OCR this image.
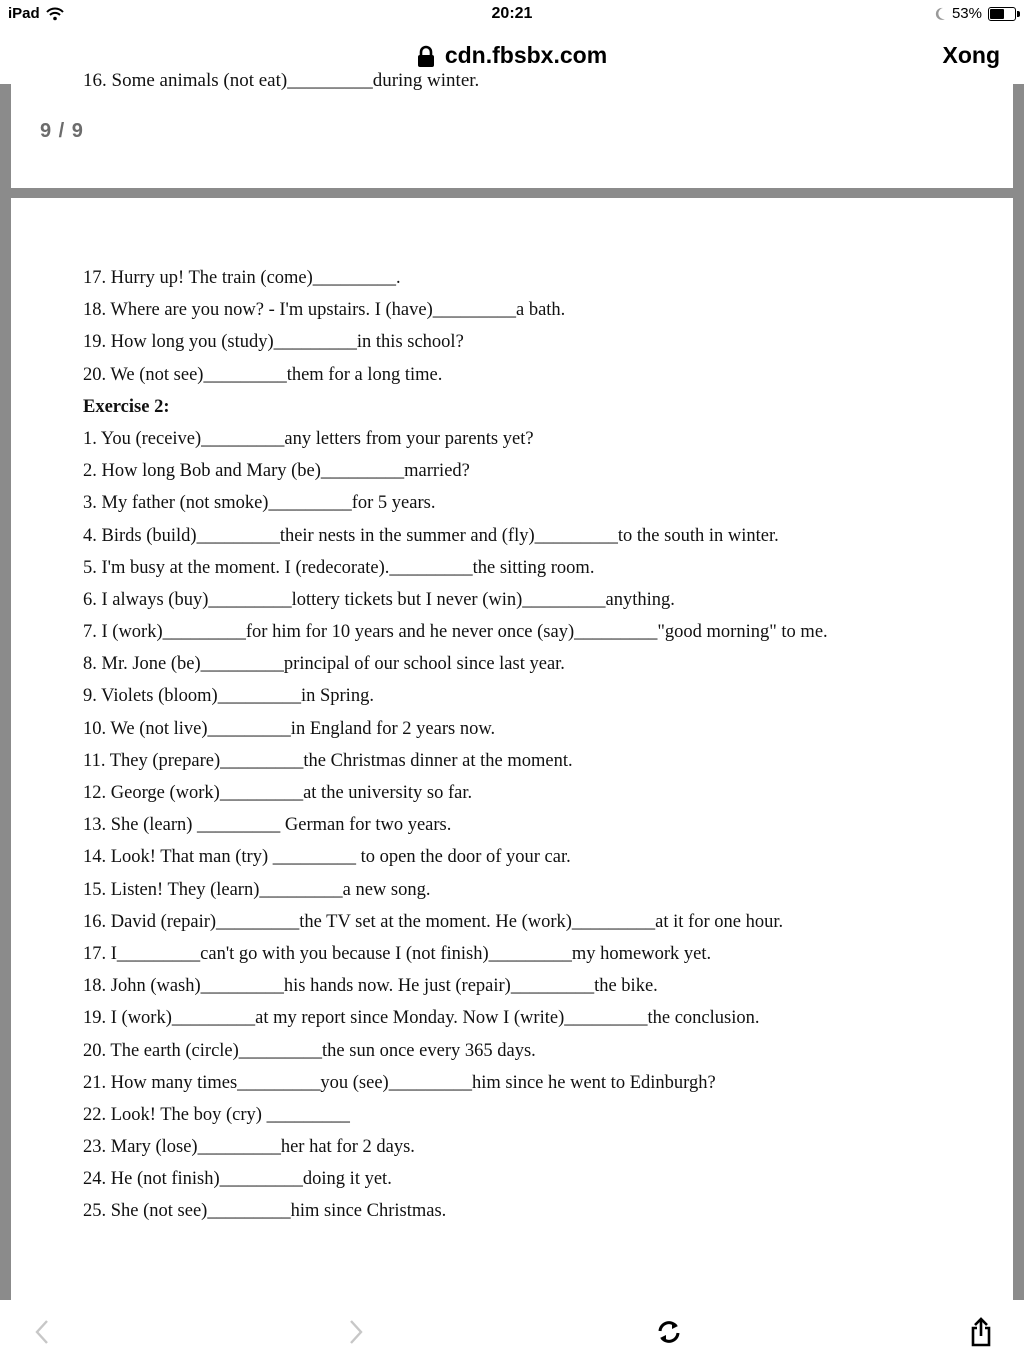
iPad	20:21	53%
cdn.fbsbx.com	Xong
16. Some animals (not eat)_________during winter.
9 / 9
17. Hurry up! The train (come)_________.
18. Where are you now? - I'm upstairs. I (have)_________a bath.
19. How long you (study)_________in this school?
20. We (not see)_________them for a long time.
Exercise 2:
1. You (receive)_________any letters from your parents yet?
2. How long Bob and Mary (be)_________married?
3. My father (not smoke)_________for 5 years.
4. Birds (build)_________their nests in the summer and (fly)_________to the south in winter.
5. I'm busy at the moment. I (redecorate)._________the sitting room.
6. I always (buy)_________lottery tickets but I never (win)_________anything.
7. I (work)_________for him for 10 years and he never once (say)_________"good morning" to me.
8. Mr. Jone (be)_________principal of our school since last year.
9. Violets (bloom)_________in Spring.
10. We (not live)_________in England for 2 years now.
11. They (prepare)_________the Christmas dinner at the moment.
12. George (work)_________at the university so far.
13. She (learn) _________ German for two years.
14. Look! That man (try) _________ to open the door of your car.
15. Listen! They (learn)_________a new song.
16. David (repair)_________the TV set at the moment. He (work)_________at it for one hour.
17. I_________can't go with you because I (not finish)_________my homework yet.
18. John (wash)_________his hands now. He just (repair)_________the bike.
19. I (work)_________at my report since Monday. Now I (write)_________the conclusion.
20. The earth (circle)_________the sun once every 365 days.
21. How many times_________you (see)_________him since he went to Edinburgh?
22. Look! The boy (cry) _________
23. Mary (lose)_________her hat for 2 days.
24. He (not finish)_________doing it yet.
25. She (not see)_________him since Christmas.
